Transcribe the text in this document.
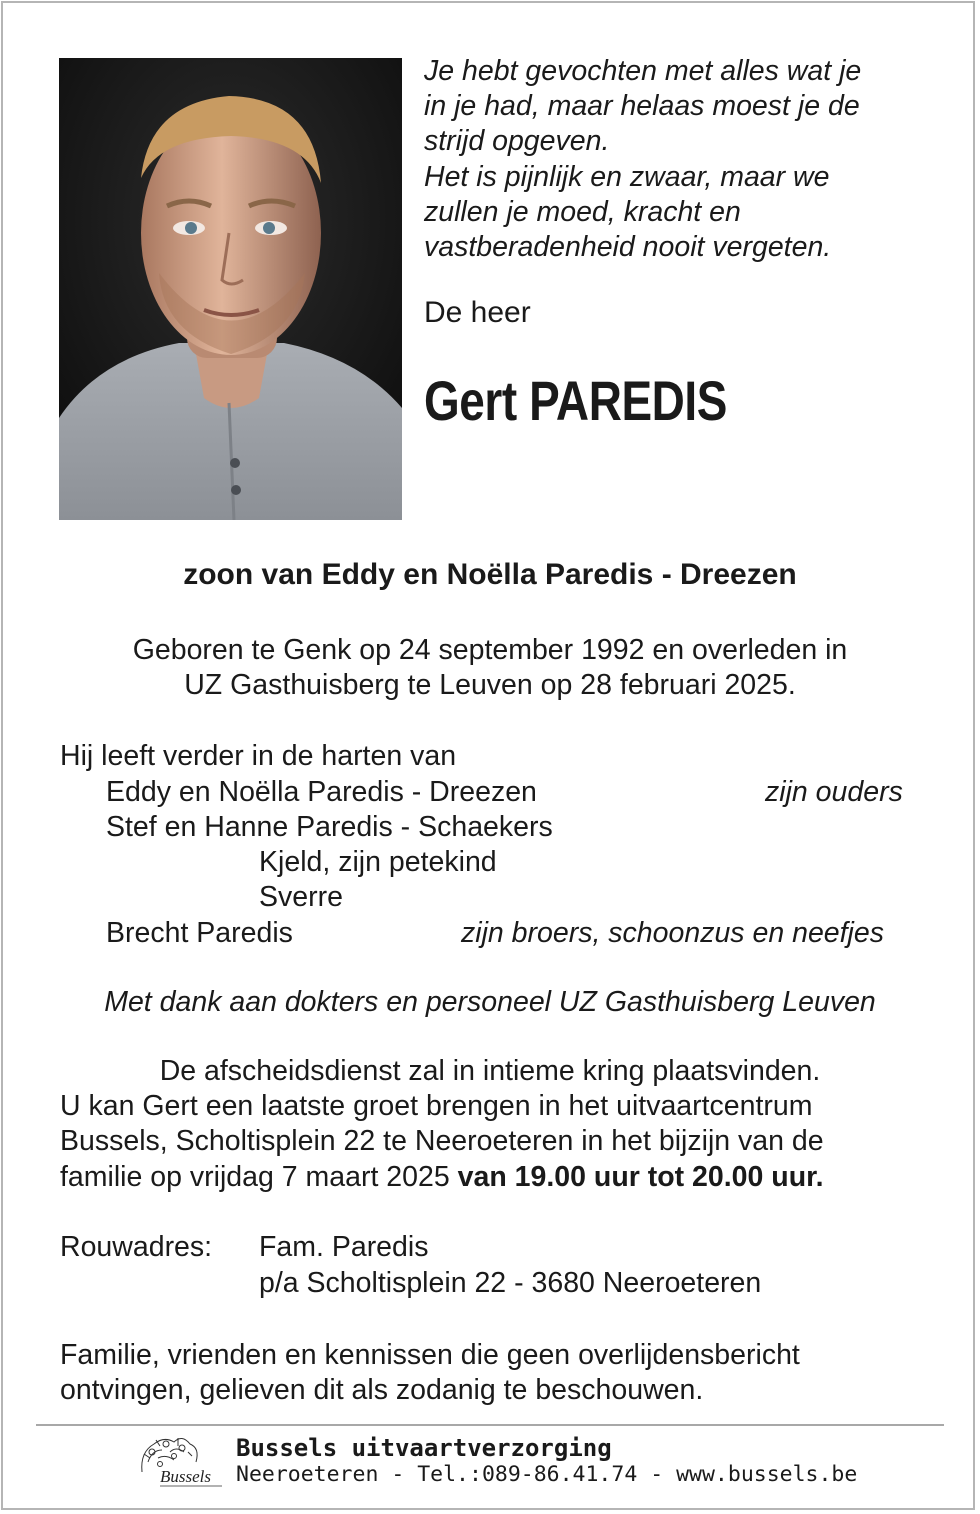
Je hebt gevochten met alles wat je
in je had, maar helaas moest je de
strijd opgeven.
Het is pijnlijk en zwaar, maar we
zullen je moed, kracht en
vastberadenheid nooit vergeten.
De heer
Gert PAREDIS
zoon van Eddy en Noëlla Paredis - Dreezen
Geboren te Genk op 24 september 1992 en overleden in
UZ Gasthuisberg te Leuven op 28 februari 2025.
Hij leeft verder in de harten van
Eddy en Noëlla Paredis - Dreezen	zijn ouders
Stef en Hanne Paredis - Schaekers
Kjeld, zijn petekind
Sverre
Brecht Paredis	zijn broers, schoonzus en neefjes
Met dank aan dokters en personeel UZ Gasthuisberg Leuven
De afscheidsdienst zal in intieme kring plaatsvinden.
U kan Gert een laatste groet brengen in het uitvaartcentrum
Bussels, Scholtisplein 22 te Neeroeteren in het bijzijn van de
familie op vrijdag 7 maart 2025 van 19.00 uur tot 20.00 uur.
Rouwadres: Fam. Paredis
p/a Scholtisplein 22 - 3680 Neeroeteren
Familie, vrienden en kennissen die geen overlijdensbericht
ontvingen, gelieven dit als zodanig te beschouwen.
Bussels
Bussels uitvaartverzorging
Neeroeteren - Tel.:089-86.41.74 - www.bussels.be
